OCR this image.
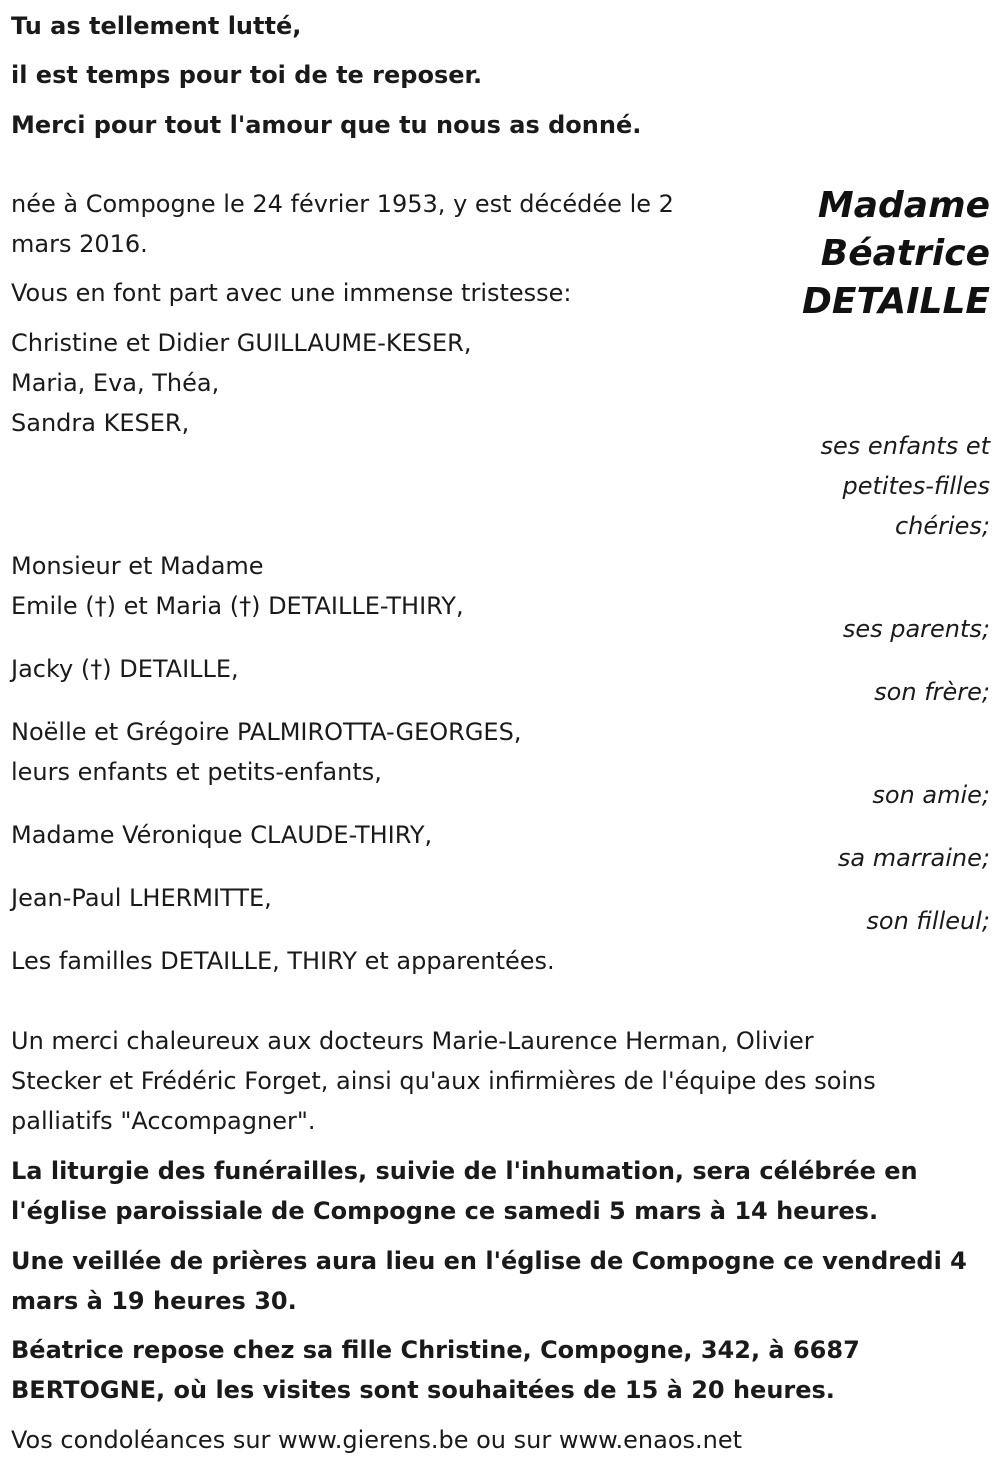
Tu as tellement lutté,
il est temps pour toi de te reposer.
Merci pour tout l'amour que tu nous as donné.
Madame
Béatrice
DETAILLE
née à Compogne le 24 février 1953, y est décédée le 2
mars 2016.
Vous en font part avec une immense tristesse:
Christine et Didier GUILLAUME-KESER,
Maria, Eva, Théa,
Sandra KESER,
ses enfants et
petites-filles
chéries;
Monsieur et Madame
Emile (†) et Maria (†) DETAILLE-THIRY,
ses parents;
Jacky (†) DETAILLE,
son frère;
Noëlle et Grégoire PALMIROTTA-GEORGES,
leurs enfants et petits-enfants,
son amie;
Madame Véronique CLAUDE-THIRY,
sa marraine;
Jean-Paul LHERMITTE,
son filleul;
Les familles DETAILLE, THIRY et apparentées.
Un merci chaleureux aux docteurs Marie-Laurence Herman, Olivier
Stecker et Frédéric Forget, ainsi qu'aux infirmières de l'équipe des soins
palliatifs "Accompagner".
La liturgie des funérailles, suivie de l'inhumation, sera célébrée en
l'église paroissiale de Compogne ce samedi 5 mars à 14 heures.
Une veillée de prières aura lieu en l'église de Compogne ce vendredi 4
mars à 19 heures 30.
Béatrice repose chez sa fille Christine, Compogne, 342, à 6687
BERTOGNE, où les visites sont souhaitées de 15 à 20 heures.
Vos condoléances sur www.gierens.be ou sur www.enaos.net
